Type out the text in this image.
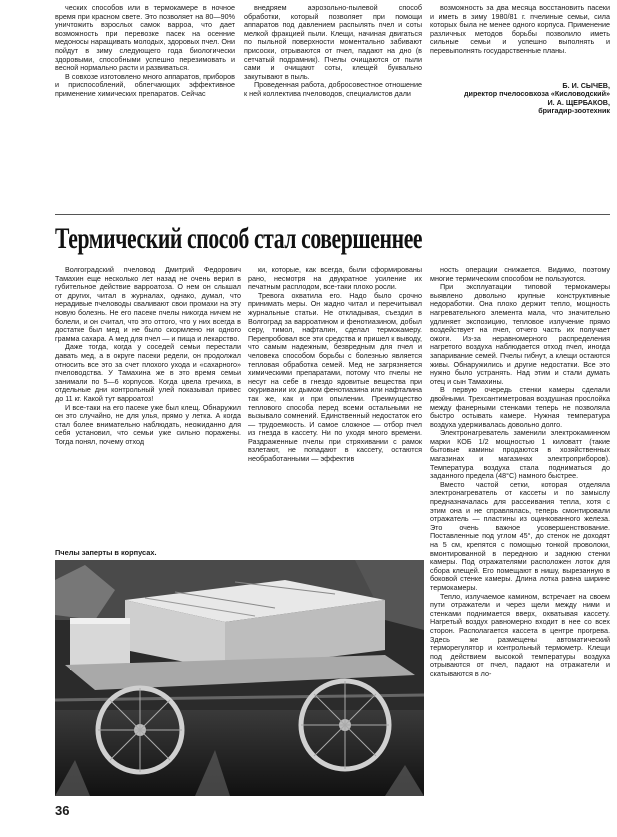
ческих способов или в термокамере в ночное время при красном свете. Это позволяет на 80—90% уничтожить взрослых самок варроа, что дает возможность при перевозке пасек на осенние медоносы наращивать молодых, здоровых пчел. Они пойдут в зиму следующего года биологически здоровыми, способными успешно перезимовать и весной нормально расти и развиваться.

В совхозе изготовлено много аппаратов, приборов и приспособлений, облегчающих эффективное применение химических препаратов. Сейчас

внедряем аэрозольно-пылевой способ обработки, который позволяет при помощи аппаратов под давлением распылять пчел и соты мелкой фракцией пыли. Клещи, начиная двигаться по пыльной поверхности моментально забивают присоски, отрываются от пчел, падают на дно (в сетчатый подрамник). Пчелы очищаются от пыли сами и очищают соты, клещей буквально закутывают в пыль.

Проведенная работа, добросовестное отношение к ней коллектива пчеловодов, специалистов дали

возможность за два месяца восстановить пасеки и иметь в зиму 1980/81 г. пчелиные семьи, сила которых была не менее одного корпуса. Применение различных методов борьбы позволило иметь сильные семьи и успешно выполнять и перевыполнять государственные планы.

Б. И. СЫЧЕВ,
директор пчелосовхоза «Кисловодский»
И. А. ЩЕРБАКОВ,
бригадир-зоотехник
Термический способ стал совершеннее

Волгоградский пчеловод Дмитрий Федорович Тамахин еще несколько лет назад не очень верил в губительное действие варроатоза. О нем он слышал от других, читал в журналах, однако, думал, что нерадивые пчеловоды сваливают свои промахи на эту новую болезнь. Не его пасеке пчелы никогда ничем не болели, и он считал, что это оттого, что у них всегда в достатке был мед и не было скормлено ни одного грамма сахара. А мед для пчел — и пища и лекарство.

Даже тогда, когда у соседей семьи перестали давать мед, а в округе пасеки редели, он продолжал относить все это за счет плохого ухода и «сахарного» пчеловодства. У Тамахина же в это время семьи занимали по 5—6 корпусов. Когда цвела гречиха, в отдельные дни контрольный улей показывал привес до 11 кг. Какой тут варроатоз!

И все-таки на его пасеке уже был клещ. Обнаружил он это случайно, не для улья, прямо у летка. А когда стал более внимательно наблюдать, неожиданно для себя установил, что семьи уже сильно поражены. Тогда понял, почему отход

ки, которые, как всегда, были сформированы рано, несмотря на двукратное усиление их печатным расплодом, все-таки плохо росли.

Тревога охватила его. Надо было срочно принимать меры. Он жадно читал и перечитывал журнальные статьи. Не откладывая, съездил в Волгоград за варроатином и фенотиазином, добыл серу, тимол, нафталин, сделал термокамеру. Перепробовал все эти средства и пришел к выводу, что самым надежным, безвредным для пчел и человека способом борьбы с болезнью является тепловая обработка семей. Мед не загрязняется химическими препаратами, потому что пчелы не несут на себе в гнездо ядовитые вещества при окуривании их дымом фенотиазина или нафталина так же, как и при опылении. Преимущество теплового способа перед всеми остальными не вызывало сомнений. Единственный недостаток его — трудоемкость. И самое сложное — отбор пчел из гнезда в кассету. Ни по уходя много времени. Раздраженные пчелы при стряхивании с рамок взлетают, не попадают в кассету, остаются необработанными — эффектив

ность операции снижается. Видимо, поэтому многие термическим способом не пользуются.

При эксплуатации типовой термокамеры выявлено довольно крупные конструктивные недоработки. Она плохо держит тепло, мощность нагревательного элемента мала, что значительно удлиняет экспозицию, тепловое излучение прямо воздействует на пчел, отчего часть их получает ожоги. Из-за неравномерного распределения нагретого воздуха наблюдается отход пчел, иногда запаривание семей. Пчелы гибнут, а клещи остаются живы. Обнаружились и другие недостатки. Все это нужно было устранять. Над этим и стали думать отец и сын Тамахины.

В первую очередь стенки камеры сделали двойными. Трехсантиметровая воздушная прослойка между фанерными стенками теперь не позволяла быстро остывать камере. Нужная температура воздуха удерживалась довольно долго.

Электронагреватель заменили электрокаминном марки КОБ 1/2 мощностью 1 киловатт (такие бытовые камины продаются в хозяйственных магазинах и магазинах электроприборов). Температура воздуха стала подниматься до заданного предела (48°С) намного быстрее.

Вместо частой сетки, которая отделяла электронагреватель от кассеты и по замыслу предназначалась для рассеивания тепла, хотя с этим она и не справлялась, теперь смонтировали отражатель — пластины из оцинкованного железа. Это очень важное усовершенствование. Поставленные под углом 45°, до стенок не доходят на 5 см, крепятся с помощью тонкой проволоки, вмонтированной в переднюю и заднюю стенки камеры. Под отражателями расположен лоток для сбора клещей. Его помещают в нишу, вырезанную в боковой стенке камеры. Длина лотка равна ширине термокамеры.

Тепло, излучаемое камином, встречает на своем пути отражатели и через щели между ними и стенками поднимается вверх, охватывая кассету. Нагретый воздух равномерно входит в нее со всех сторон. Располагается кассета в центре прогрева. Здесь же размещены автоматический терморегулятор и контрольный термометр. Клещи под действием высокой температуры воздуха отрываются от пчел, падают на отражатели и скатываются в ло-

Пчелы заперты в корпусах.
36
